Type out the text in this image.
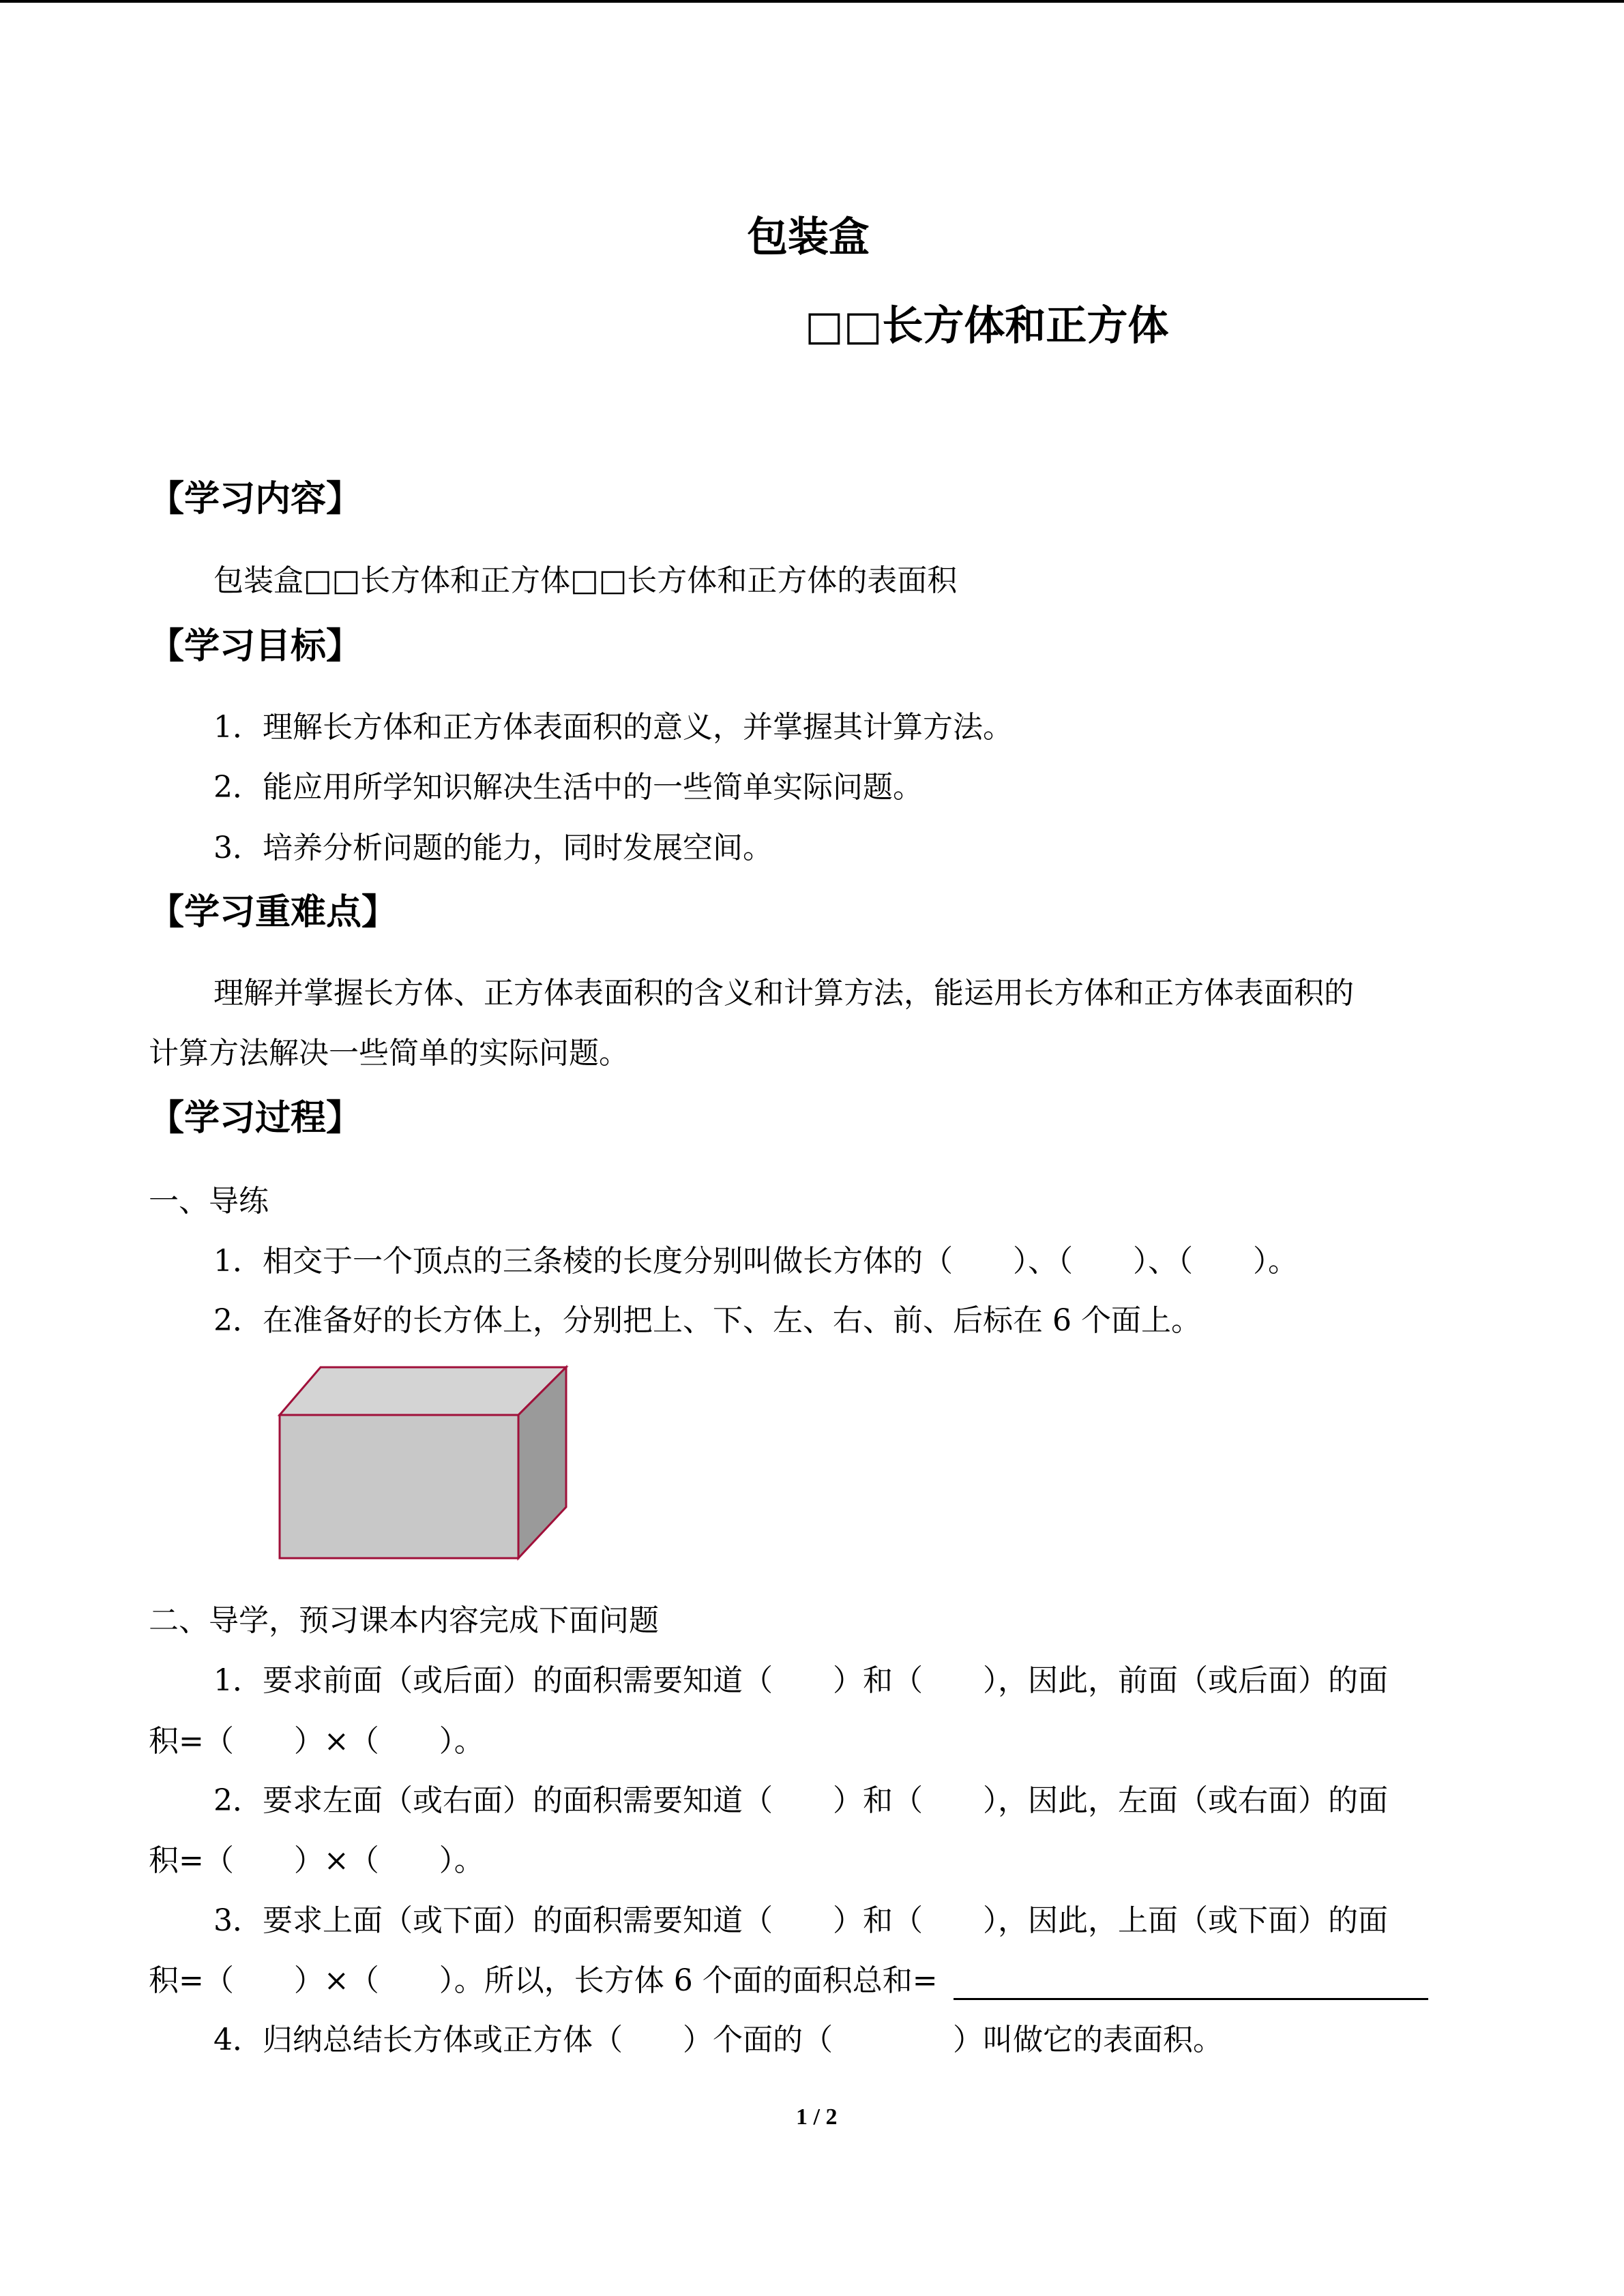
包装盒
□□长方体和正方体
【学习内容】
包装盒□□长方体和正方体□□长方体和正方体的表面积
【学习目标】
1．理解长方体和正方体表面积的意义，并掌握其计算方法。
2．能应用所学知识解决生活中的一些简单实际问题。
3．培养分析问题的能力，同时发展空间。
【学习重难点】
理解并掌握长方体、正方体表面积的含义和计算方法，能运用长方体和正方体表面积的
计算方法解决一些简单的实际问题。
【学习过程】
一、导练
1．相交于一个顶点的三条棱的长度分别叫做长方体的（　　）、（　　）、（　　）。
2．在准备好的长方体上，分别把上、下、左、右、前、后标在 6 个面上。
二、导学，预习课本内容完成下面问题
1．要求前面（或后面）的面积需要知道（　　）和（　　），因此，前面（或后面）的面
积=（　　）×（　　）。
2．要求左面（或右面）的面积需要知道（　　）和（　　），因此，左面（或右面）的面
积=（　　）×（　　）。
3．要求上面（或下面）的面积需要知道（　　）和（　　），因此，上面（或下面）的面
积=（　　）×（　　）。所以，长方体 6 个面的面积总和=
4．归纳总结长方体或正方体（　　）个面的（　　　　）叫做它的表面积。
1 / 2
